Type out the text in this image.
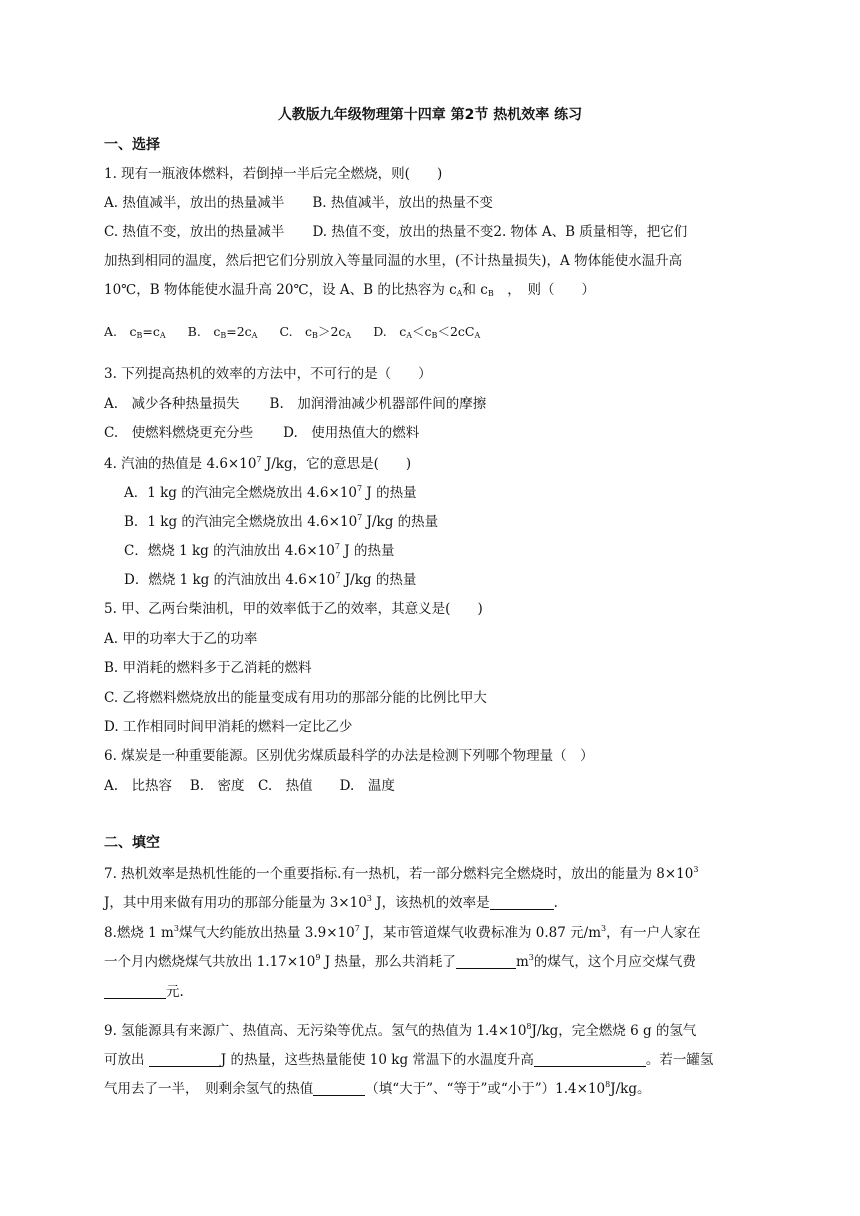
人教版九年级物理第十四章 第2节 热机效率 练习
一、选择
1. 现有一瓶液体燃料，若倒掉一半后完全燃烧，则(　　)
A. 热值减半，放出的热量减半 B. 热值减半，放出的热量不变
C. 热值不变，放出的热量减半 D. 热值不变，放出的热量不变2. 物体 A、B 质量相等，把它们
加热到相同的温度，然后把它们分别放入等量同温的水里，(不计热量损失)，A 物体能使水温升高
10℃，B 物体能使水温升高 20℃，设 A、B 的比热容为 $c_A$和 $c_B$　，　则（　　）
A.　$c_B=c_A$ B.　$c_B=2c_A$ C.　$c_B>2c_A$ D.　$c_A<c_B<2cC_A$
3. 下列提高热机的效率的方法中，不可行的是（　　）
A.　减少各种热量损失 B.　加润滑油减少机器部件间的摩擦
C.　使燃料燃烧更充分些 D.　使用热值大的燃料
4. 汽油的热值是 $4.6\times 10^7$ J/kg，它的意思是(　　)
A．1 kg 的汽油完全燃烧放出 $4.6\times 10^7$ J 的热量
B．1 kg 的汽油完全燃烧放出 $4.6\times 10^7$ J/kg 的热量
C．燃烧 1 kg 的汽油放出 $4.6\times 10^7$ J 的热量
D．燃烧 1 kg 的汽油放出 $4.6\times 10^7$ J/kg 的热量
5. 甲、乙两台柴油机，甲的效率低于乙的效率，其意义是(　　)
A. 甲的功率大于乙的功率
B. 甲消耗的燃料多于乙消耗的燃料
C. 乙将燃料燃烧放出的能量变成有用功的那部分能的比例比甲大
D. 工作相同时间甲消耗的燃料一定比乙少
6. 煤炭是一种重要能源。区别优劣煤质最科学的办法是检测下列哪个物理量（　）
A.　比热容　 B.　密度　C.　热值　　D.　温度
二、填空
7. 热机效率是热机性能的一个重要指标.有一热机，若一部分燃料完全燃烧时，放出的能量为 $8\times 10^3$
J，其中用来做有用功的那部分能量为 $3\times 10^3$ J，该热机的效率是	.
8.燃烧 1 $m^3$煤气大约能放出热量 $3.9\times 10^7$ J，某市管道煤气收费标准为 0.87 元$/m^3$，有一户人家在
一个月内燃烧煤气共放出 $1.17\times 10^9$ J 热量，那么共消耗了	$m^3$的煤气，这个月应交煤气费
元.
9. 氢能源具有来源广、热值高、无污染等优点。氢气的热值为 $1.4\times 10^8J/kg$，完全燃烧 6 g 的氢气
可放出	J 的热量，这些热量能使 10 kg 常温下的水温度升高	。若一罐氢
气用去了一半，　则剩余氢气的热值	（填“大于”、“等于”或“小于$”)1.4\times 10^8J/kg$。
